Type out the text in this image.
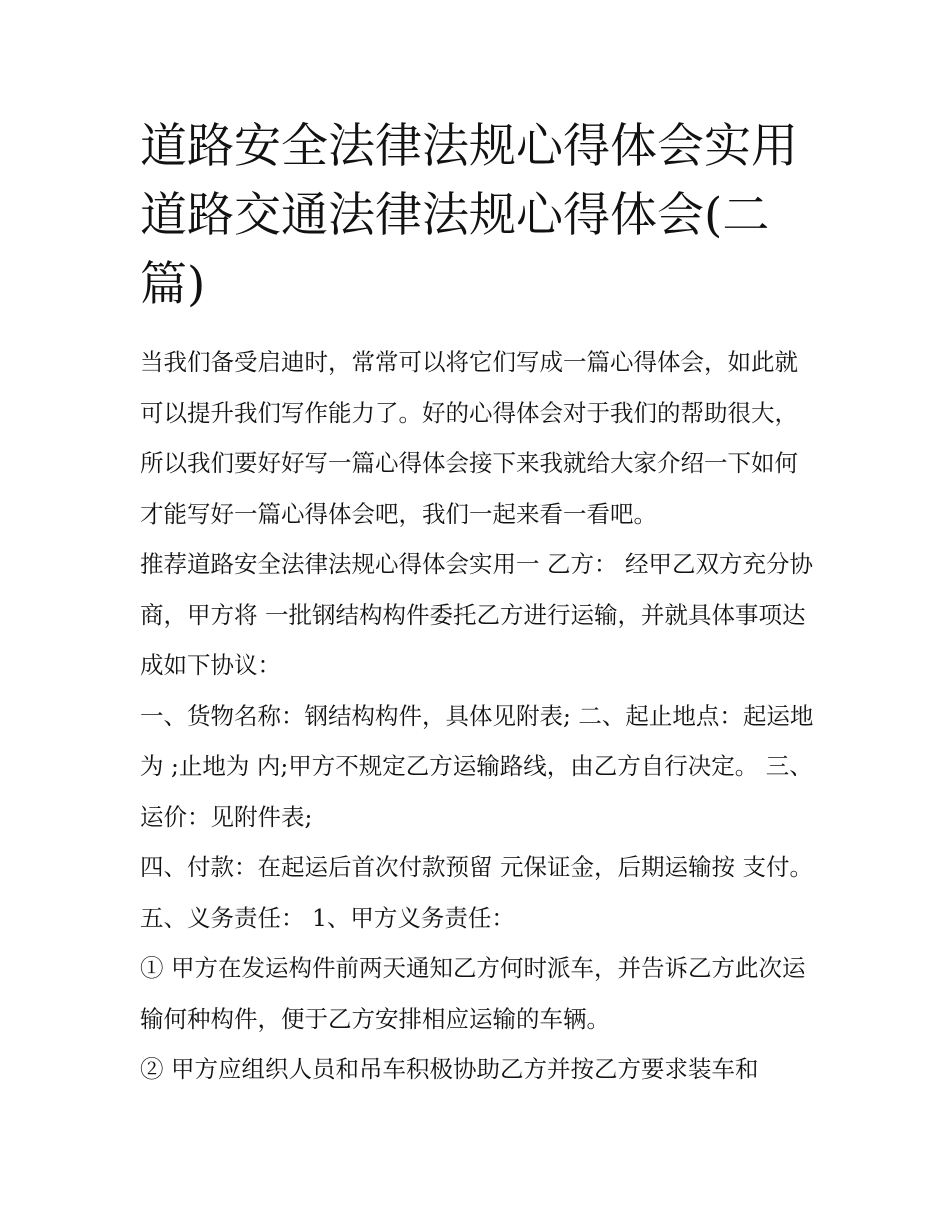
道路安全法律法规心得体会实用 道路交通法律法规心得体会(二篇)

当我们备受启迪时，常常可以将它们写成一篇心得体会，如此就可以提升我们写作能力了。好的心得体会对于我们的帮助很大，所以我们要好好写一篇心得体会接下来我就给大家介绍一下如何才能写好一篇心得体会吧，我们一起来看一看吧。

推荐道路安全法律法规心得体会实用一 乙方： 经甲乙双方充分协商，甲方将 一批钢结构构件委托乙方进行运输，并就具体事项达成如下协议：

一、货物名称：钢结构构件，具体见附表; 二、起止地点：起运地为 ;止地为 内;甲方不规定乙方运输路线，由乙方自行决定。 三、运价：见附件表;

四、付款：在起运后首次付款预留 元保证金，后期运输按 支付。 五、义务责任： 1、甲方义务责任：

① 甲方在发运构件前两天通知乙方何时派车，并告诉乙方此次运输何种构件，便于乙方安排相应运输的车辆。

② 甲方应组织人员和吊车积极协助乙方并按乙方要求装车和
